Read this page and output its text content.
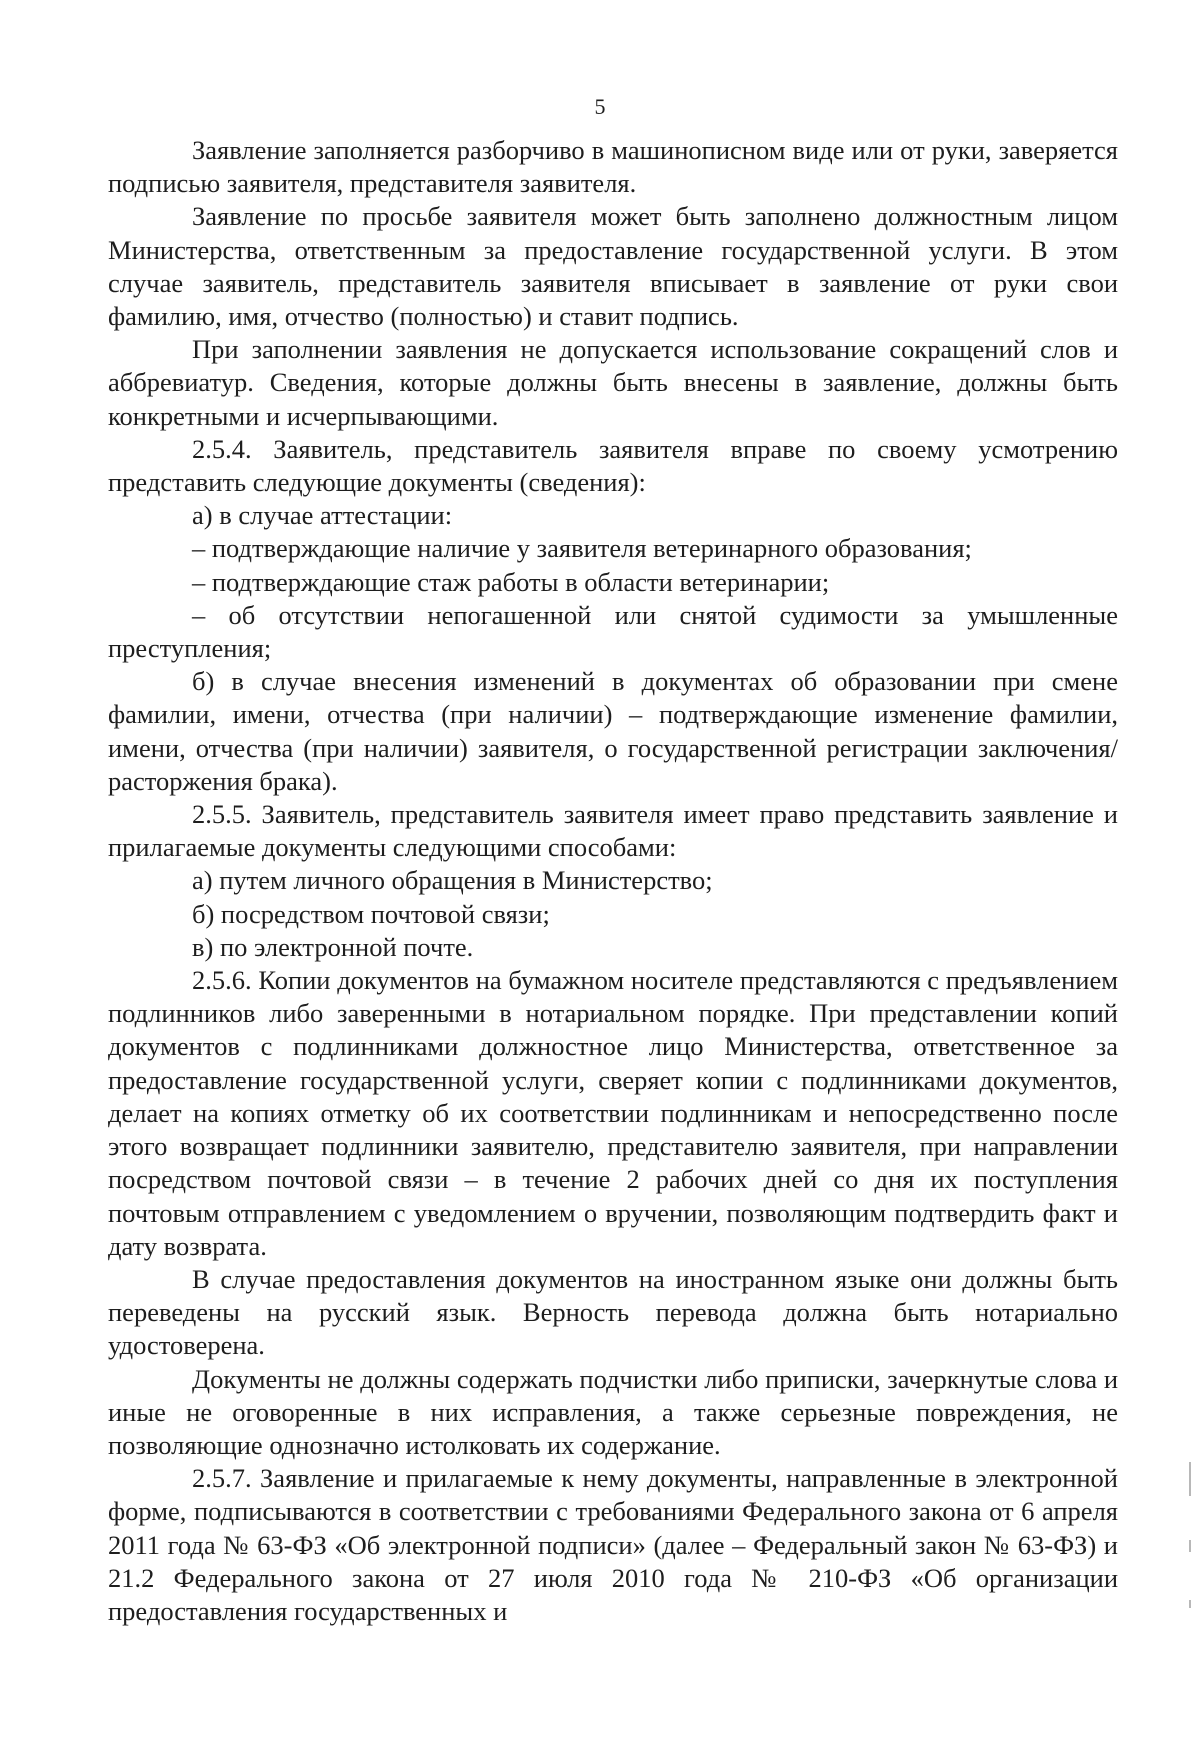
5

Заявление заполняется разборчиво в машинописном виде или от руки, заверяется подписью заявителя, представителя заявителя.

Заявление по просьбе заявителя может быть заполнено должностным лицом Министерства, ответственным за предоставление государственной услуги. В этом случае заявитель, представитель заявителя вписывает в заявление от руки свои фамилию, имя, отчество (полностью) и ставит подпись.

При заполнении заявления не допускается использование сокращений слов и аббревиатур. Сведения, которые должны быть внесены в заявление, должны быть конкретными и исчерпывающими.

2.5.4. Заявитель, представитель заявителя вправе по своему усмотрению представить следующие документы (сведения):

а) в случае аттестации:

– подтверждающие наличие у заявителя ветеринарного образования;

– подтверждающие стаж работы в области ветеринарии;

– об отсутствии непогашенной или снятой судимости за умышленные преступления;

б) в случае внесения изменений в документах об образовании при смене фамилии, имени, отчества (при наличии) – подтверждающие изменение фамилии, имени, отчества (при наличии) заявителя, о государственной регистрации заключения/расторжения брака).

2.5.5. Заявитель, представитель заявителя имеет право представить заявление и прилагаемые документы следующими способами:

а) путем личного обращения в Министерство;

б) посредством почтовой связи;

в) по электронной почте.

2.5.6. Копии документов на бумажном носителе представляются с предъявлением подлинников либо заверенными в нотариальном порядке. При представлении копий документов с подлинниками должностное лицо Министерства, ответственное за предоставление государственной услуги, сверяет копии с подлинниками документов, делает на копиях отметку об их соответствии подлинникам и непосредственно после этого возвращает подлинники заявителю, представителю заявителя, при направлении посредством почтовой связи – в течение 2 рабочих дней со дня их поступления почтовым отправлением с уведомлением о вручении, позволяющим подтвердить факт и дату возврата.

В случае предоставления документов на иностранном языке они должны быть переведены на русский язык. Верность перевода должна быть нотариально удостоверена.

Документы не должны содержать подчистки либо приписки, зачеркнутые слова и иные не оговоренные в них исправления, а также серьезные повреждения, не позволяющие однозначно истолковать их содержание.

2.5.7. Заявление и прилагаемые к нему документы, направленные в электронной форме, подписываются в соответствии с требованиями Федерального закона от 6 апреля 2011 года № 63-ФЗ «Об электронной подписи» (далее – Федеральный закон № 63-ФЗ) и 21.2 Федерального закона от 27 июля 2010 года № 210-ФЗ «Об организации предоставления государственных и
